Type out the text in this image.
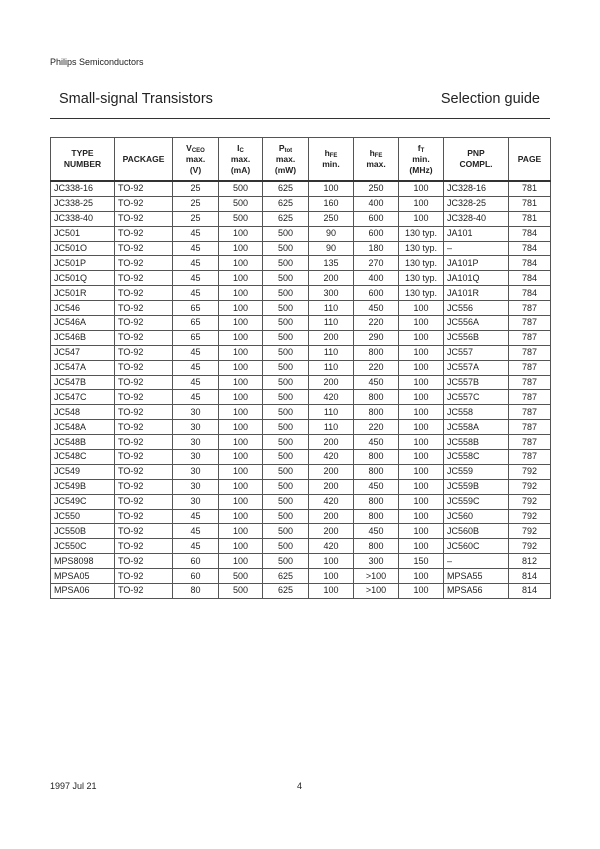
Philips Semiconductors
Small-signal Transistors	Selection guide
TYPE
NUMBER	PACKAGE	$V_{CEO}$
max.
(V)	$I_C$
max.
(mA)	$P_{tot}$
max.
(mW)	$h_{FE}$
min.	$h_{FE}$
max.	$f_T$
min.
(MHz)	PNP
COMPL.	PAGE
JC338-16	TO-92	25	500	625	100	250	100	JC328-16	781
JC338-25	TO-92	25	500	625	160	400	100	JC328-25	781
JC338-40	TO-92	25	500	625	250	600	100	JC328-40	781
JC501	TO-92	45	100	500	90	600	130 typ.	JA101	784
JC501O	TO-92	45	100	500	90	180	130 typ.	–	784
JC501P	TO-92	45	100	500	135	270	130 typ.	JA101P	784
JC501Q	TO-92	45	100	500	200	400	130 typ.	JA101Q	784
JC501R	TO-92	45	100	500	300	600	130 typ.	JA101R	784
JC546	TO-92	65	100	500	110	450	100	JC556	787
JC546A	TO-92	65	100	500	110	220	100	JC556A	787
JC546B	TO-92	65	100	500	200	290	100	JC556B	787
JC547	TO-92	45	100	500	110	800	100	JC557	787
JC547A	TO-92	45	100	500	110	220	100	JC557A	787
JC547B	TO-92	45	100	500	200	450	100	JC557B	787
JC547C	TO-92	45	100	500	420	800	100	JC557C	787
JC548	TO-92	30	100	500	110	800	100	JC558	787
JC548A	TO-92	30	100	500	110	220	100	JC558A	787
JC548B	TO-92	30	100	500	200	450	100	JC558B	787
JC548C	TO-92	30	100	500	420	800	100	JC558C	787
JC549	TO-92	30	100	500	200	800	100	JC559	792
JC549B	TO-92	30	100	500	200	450	100	JC559B	792
JC549C	TO-92	30	100	500	420	800	100	JC559C	792
JC550	TO-92	45	100	500	200	800	100	JC560	792
JC550B	TO-92	45	100	500	200	450	100	JC560B	792
JC550C	TO-92	45	100	500	420	800	100	JC560C	792
MPS8098	TO-92	60	100	500	100	300	150	–	812
MPSA05	TO-92	60	500	625	100	>100	100	MPSA55	814
MPSA06	TO-92	80	500	625	100	>100	100	MPSA56	814
1997 Jul 21	4
